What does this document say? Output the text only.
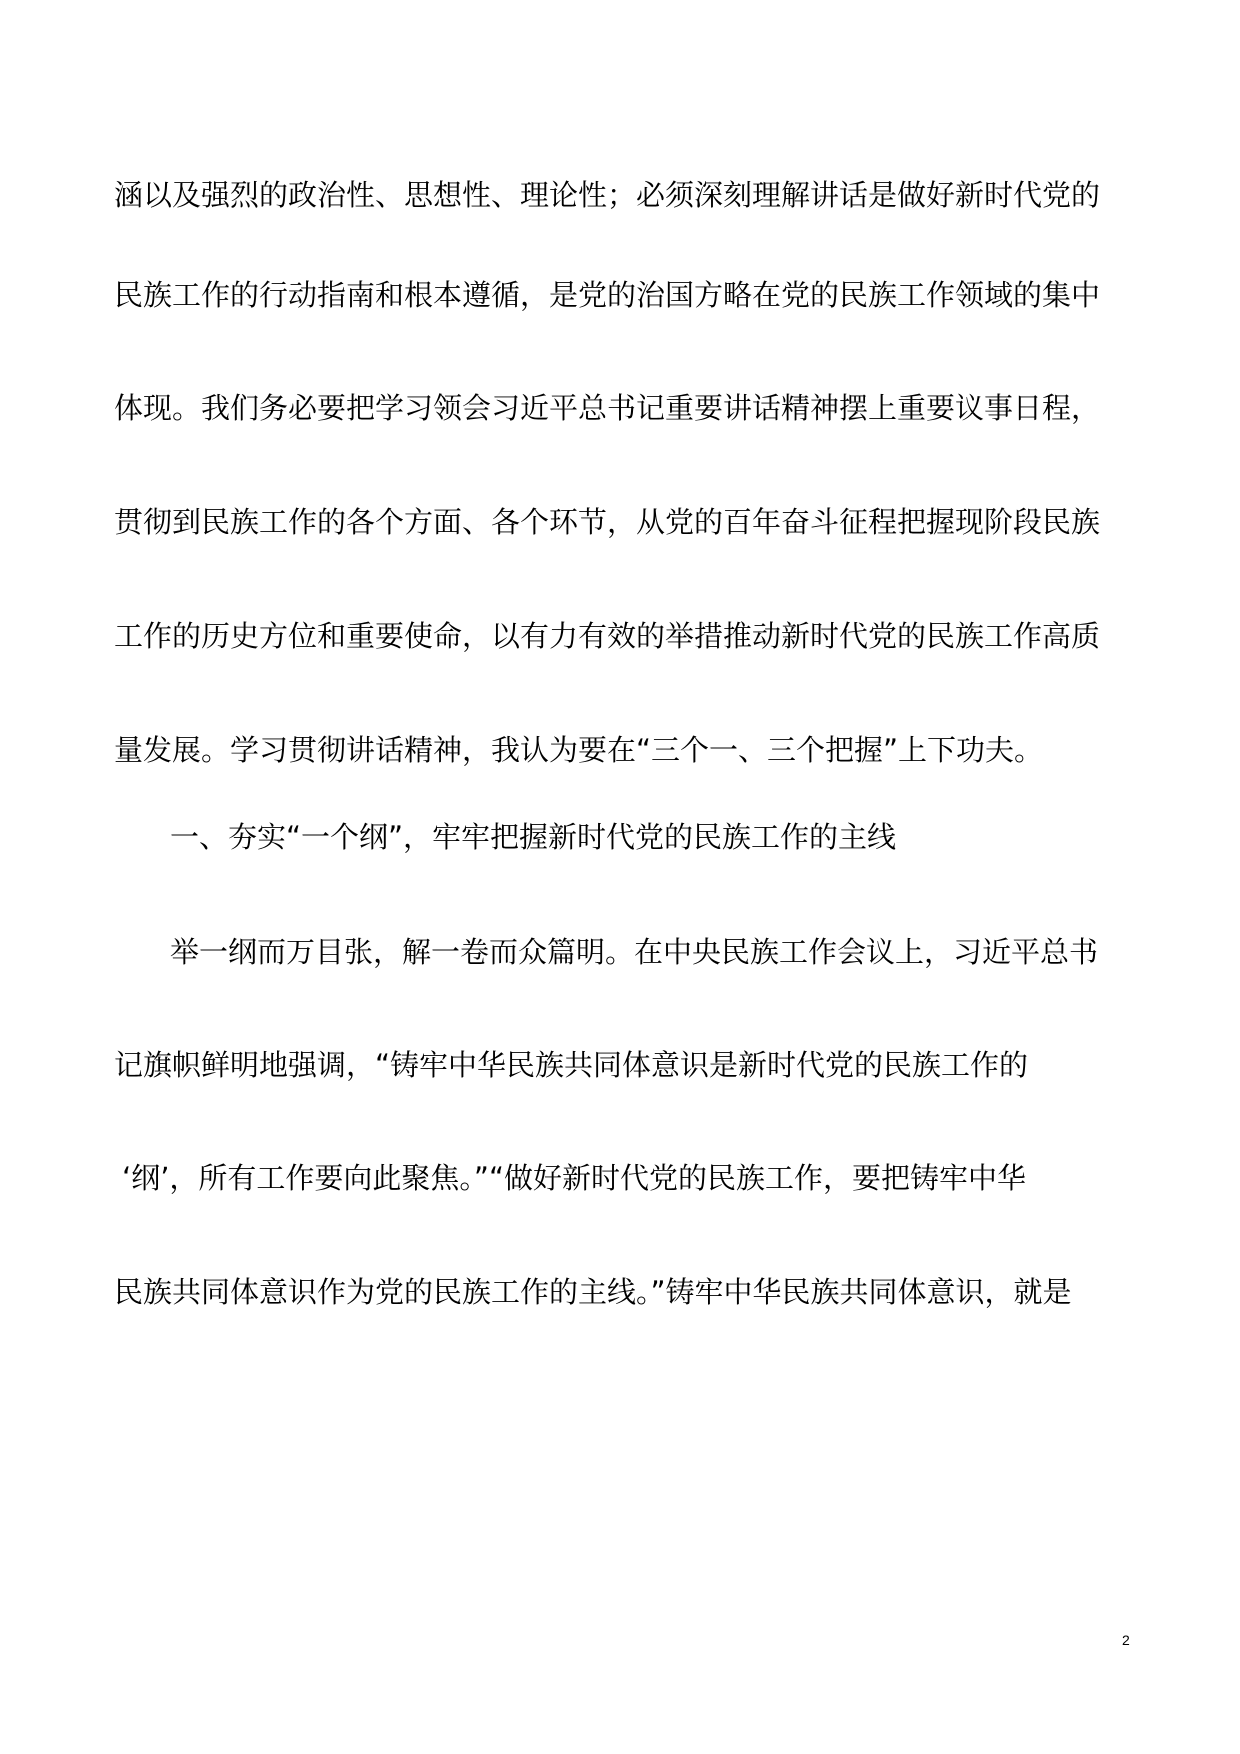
涵以及强烈的政治性、思想性、理论性；必须深刻理解讲话是做好新时代党的
民族工作的行动指南和根本遵循，是党的治国方略在党的民族工作领域的集中
体现。我们务必要把学习领会习近平总书记重要讲话精神摆上重要议事日程，
贯彻到民族工作的各个方面、各个环节，从党的百年奋斗征程把握现阶段民族
工作的历史方位和重要使命，以有力有效的举措推动新时代党的民族工作高质
量发展。学习贯彻讲话精神，我认为要在“三个一、三个把握”上下功夫。
一、夯实“一个纲”，牢牢把握新时代党的民族工作的主线
举一纲而万目张，解一卷而众篇明。在中央民族工作会议上，习近平总书
记旗帜鲜明地强调，“铸牢中华民族共同体意识是新时代党的民族工作的
‘纲’，所有工作要向此聚焦。”“做好新时代党的民族工作，要把铸牢中华
民族共同体意识作为党的民族工作的主线。”铸牢中华民族共同体意识，就是
2
